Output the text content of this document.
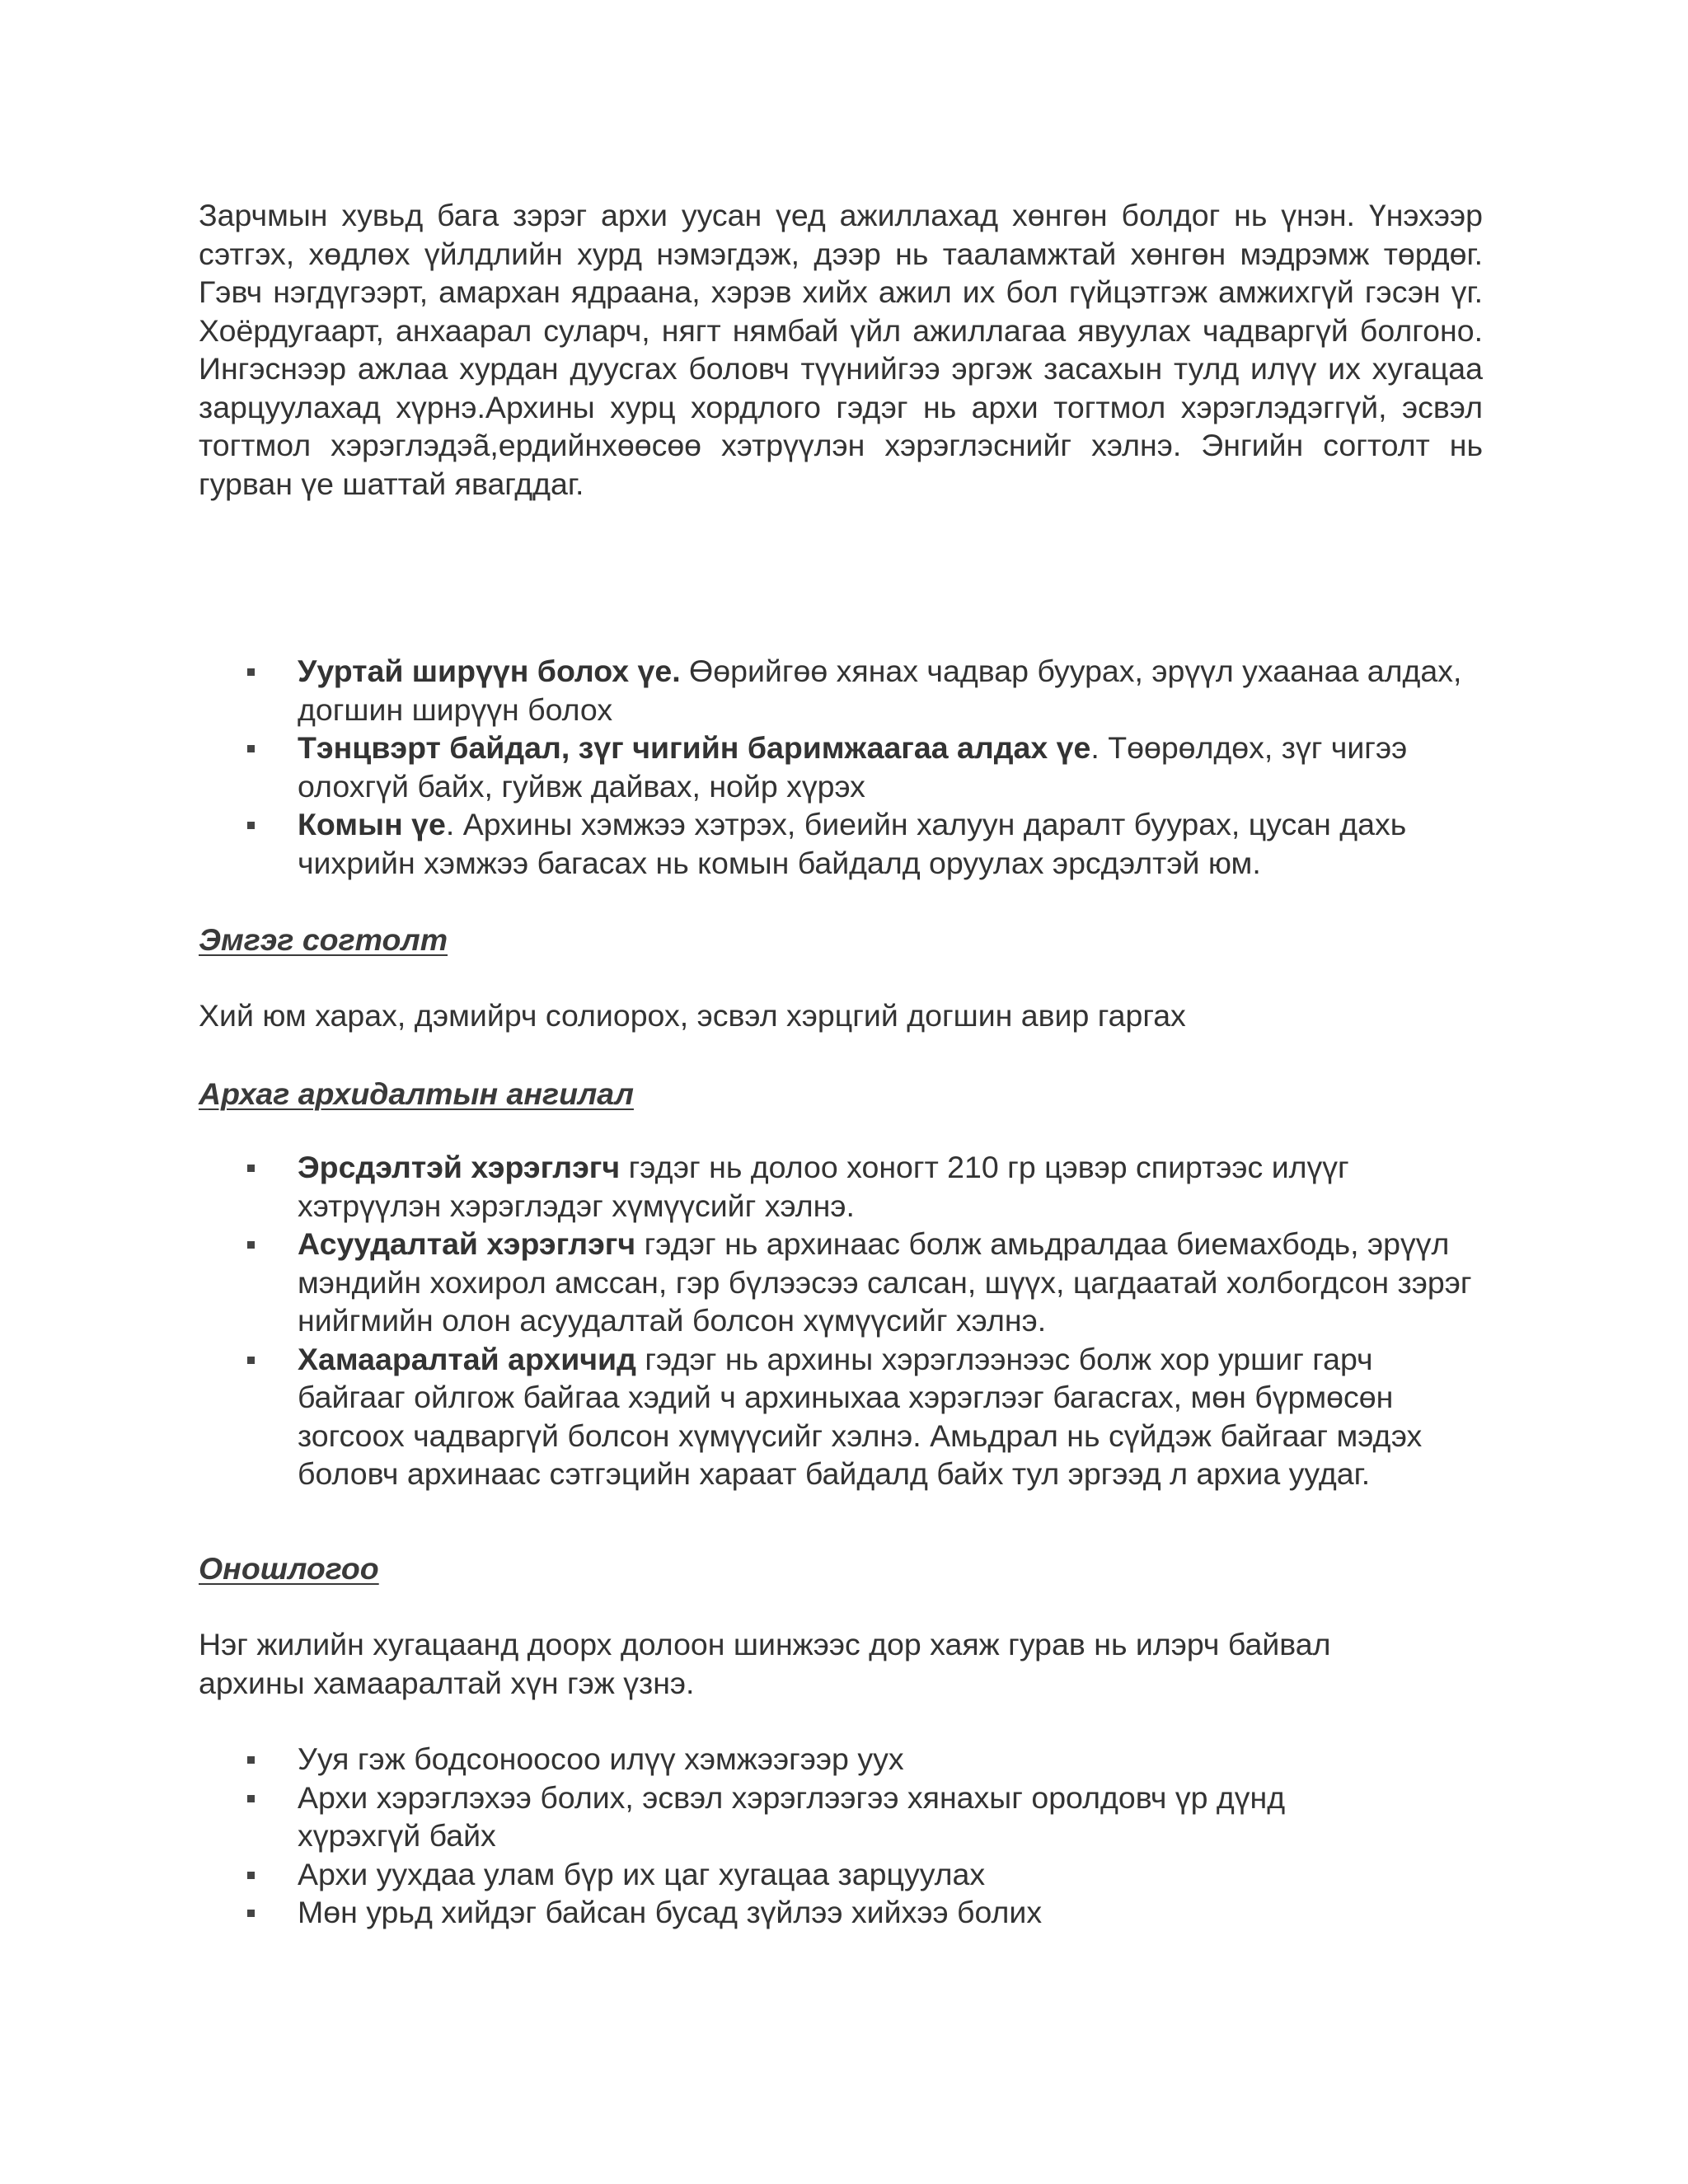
Зарчмын хувьд бага зэрэг архи уусан үед ажиллахад хөнгөн болдог нь үнэн. Үнэхээр сэтгэх, хөдлөх үйлдлийн хурд нэмэгдэж, дээр нь тааламжтай хөнгөн мэдрэмж төрдөг. Гэвч нэгдүгээрт, амархан ядраана, хэрэв хийх ажил их бол гүйцэтгэж амжихгүй гэсэн үг. Хоёрдугаарт, анхаарал суларч, нягт нямбай үйл ажиллагаа явуулах чадваргүй болгоно. Ингэснээр ажлаа хурдан дуусгах боловч түүнийгээ эргэж засахын тулд илүү их хугацаа зарцуулахад хүрнэ.Архины хурц хордлого гэдэг нь архи тогтмол хэрэглэдэггүй, эсвэл тогтмол хэрэглэдэã,ердийнхөөсөө хэтрүүлэн хэрэглэснийг хэлнэ. Энгийн согтолт нь гурван үе шаттай явагддаг.

Ууртай ширүүн болох үе. Өөрийгөө хянах чадвар буурах, эрүүл ухаанаа алдах, догшин ширүүн болох
Тэнцвэрт байдал, зүг чигийн баримжаагаа алдах үе. Төөрөлдөх, зүг чигээ олохгүй байх, гуйвж дайвах, нойр хүрэх
Комын үе. Архины хэмжээ хэтрэх, биеийн халуун даралт буурах, цусан дахь чихрийн хэмжээ багасах нь комын байдалд оруулах эрсдэлтэй юм.
Эмгэг согтолт

Хий юм харах, дэмийрч солиорох, эсвэл хэрцгий догшин авир гаргах

Архаг архидалтын ангилал
Эрсдэлтэй хэрэглэгч гэдэг нь долоо хоногт 210 гр цэвэр спиртээс илүүг хэтрүүлэн хэрэглэдэг хүмүүсийг хэлнэ.
Асуудалтай хэрэглэгч гэдэг нь архинаас болж амьдралдаа биемахбодь, эрүүл мэндийн хохирол амссан, гэр бүлээсээ салсан, шүүх, цагдаатай холбогдсон зэрэг нийгмийн олон асуудалтай болсон хүмүүсийг хэлнэ.
Хамааралтай архичид гэдэг нь архины хэрэглээнээс болж хор уршиг гарч байгааг ойлгож байгаа хэдий ч архиныхаа хэрэглээг багасгах, мөн бүрмөсөн зогсоох чадваргүй болсон хүмүүсийг хэлнэ. Амьдрал нь сүйдэж байгааг мэдэх боловч архинаас сэтгэцийн хараат байдалд байх тул эргээд л архиа уудаг.
Оношлогоо

Нэг жилийн хугацаанд доорх долоон шинжээс дор хаяж гурав нь илэрч байвал архины хамааралтай хүн гэж үзнэ.

Ууя гэж бодсоноосоо илүү хэмжээгээр уух
Архи хэрэглэхээ болих, эсвэл хэрэглээгээ хянахыг оролдовч үр дүнд хүрэхгүй байх
Архи уухдаа улам бүр их цаг хугацаа зарцуулах
Мөн урьд хийдэг байсан бусад зүйлээ хийхээ болих
